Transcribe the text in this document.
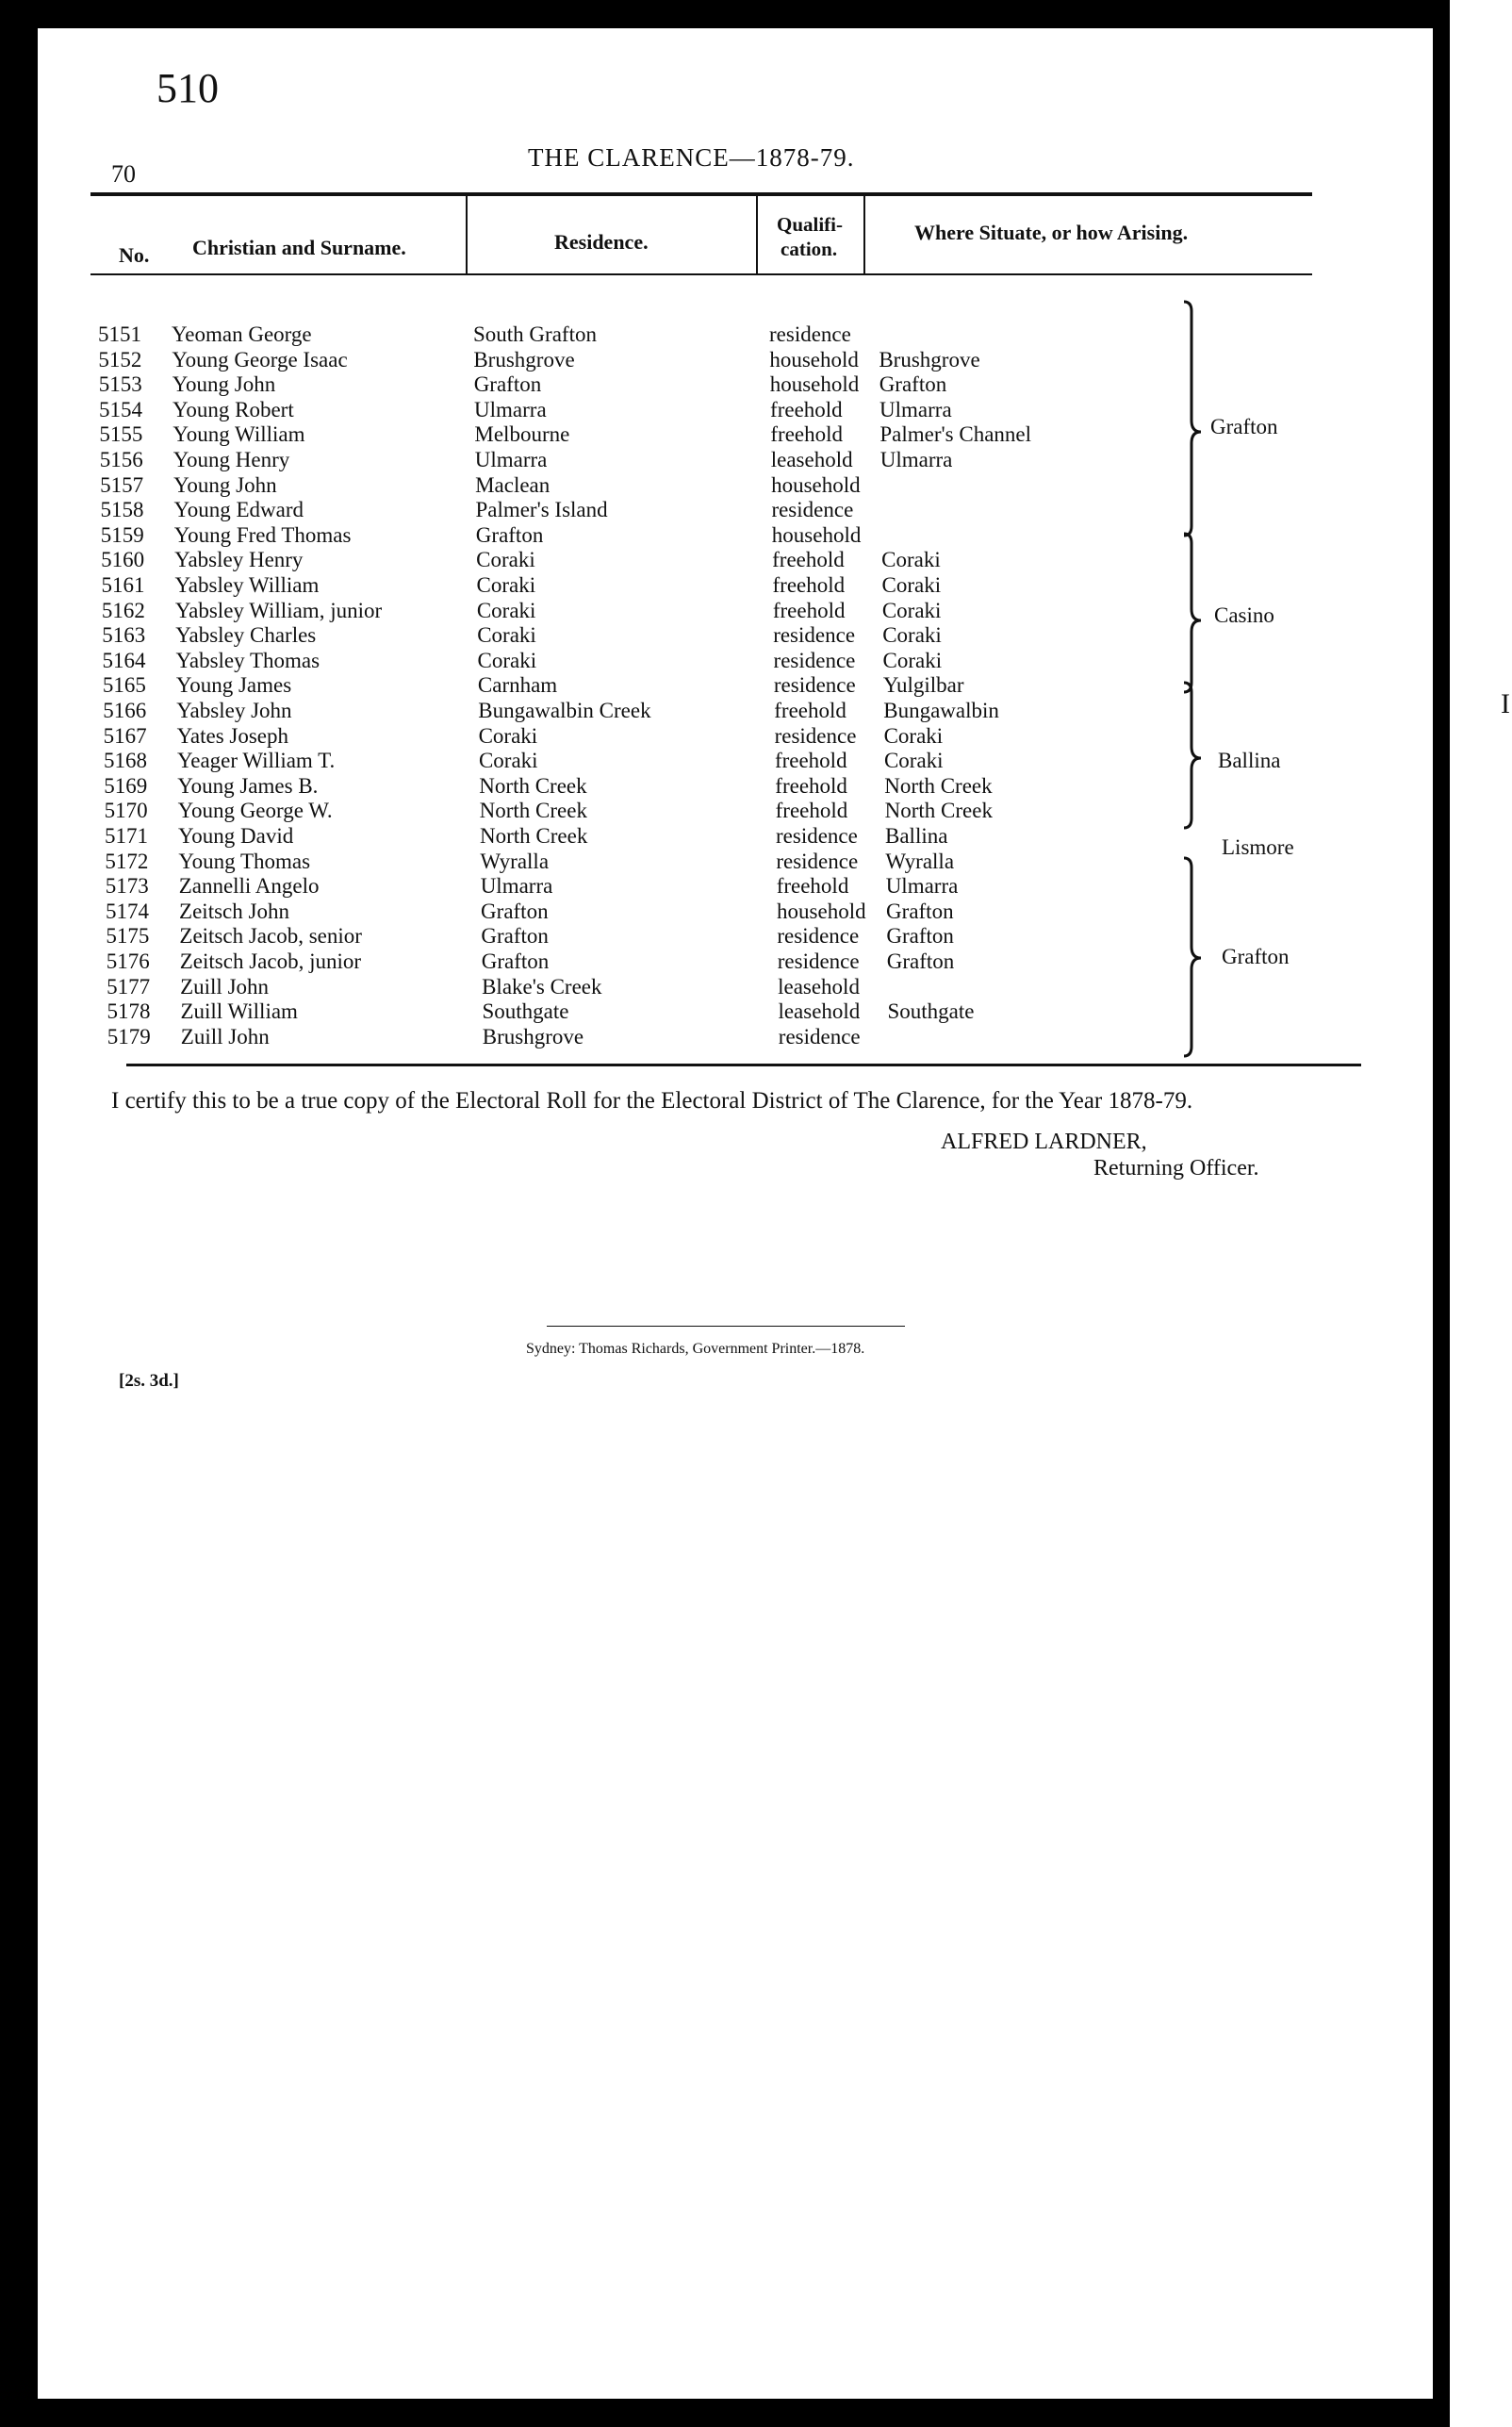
510
70
THE CLARENCE—1878-79.
No. Christian and Surname.	Residence.
Qualifi-
cation.
Where Situate, or how Arising.
5151 Yeoman George	South Grafton	residence
5152 Young George Isaac	Brushgrove	household Brushgrove
5153 Young John	Grafton	household Grafton
5154 Young Robert	Ulmarra	freehold Ulmarra
5155 Young William	Melbourne	freehold Palmer's Channel
5156 Young Henry	Ulmarra	leasehold Ulmarra
5157 Young John	Maclean	household
5158 Young Edward	Palmer's Island	residence
5159 Young Fred Thomas	Grafton	household
5160 Yabsley Henry	Coraki	freehold Coraki
5161 Yabsley William	Coraki	freehold Coraki
5162 Yabsley William, junior	Coraki	freehold Coraki
5163 Yabsley Charles	Coraki	residence Coraki
5164 Yabsley Thomas	Coraki	residence Coraki
5165 Young James	Carnham	residence Yulgilbar
5166 Yabsley John	Bungawalbin Creek	freehold Bungawalbin
5167 Yates Joseph	Coraki	residence Coraki
5168 Yeager William T.	Coraki	freehold Coraki
5169 Young James B.	North Creek	freehold North Creek
5170 Young George W.	North Creek	freehold North Creek
5171 Young David	North Creek	residence Ballina
5172 Young Thomas	Wyralla	residence Wyralla
5173 Zannelli Angelo	Ulmarra	freehold Ulmarra
5174 Zeitsch John	Grafton	household Grafton
5175 Zeitsch Jacob, senior	Grafton	residence Grafton
5176 Zeitsch Jacob, junior	Grafton	residence Grafton
5177 Zuill John	Blake's Creek	leasehold
5178 Zuill William	Southgate	leasehold Southgate
5179 Zuill John	Brushgrove	residence
Grafton
Casino
Ballina
Lismore
Grafton
I certify this to be a true copy of the Electoral Roll for the Electoral District of The Clarence, for the Year 1878-79.
ALFRED LARDNER,
Returning Officer.
Sydney: Thomas Richards, Government Printer.—1878.
[2s. 3d.]
I
